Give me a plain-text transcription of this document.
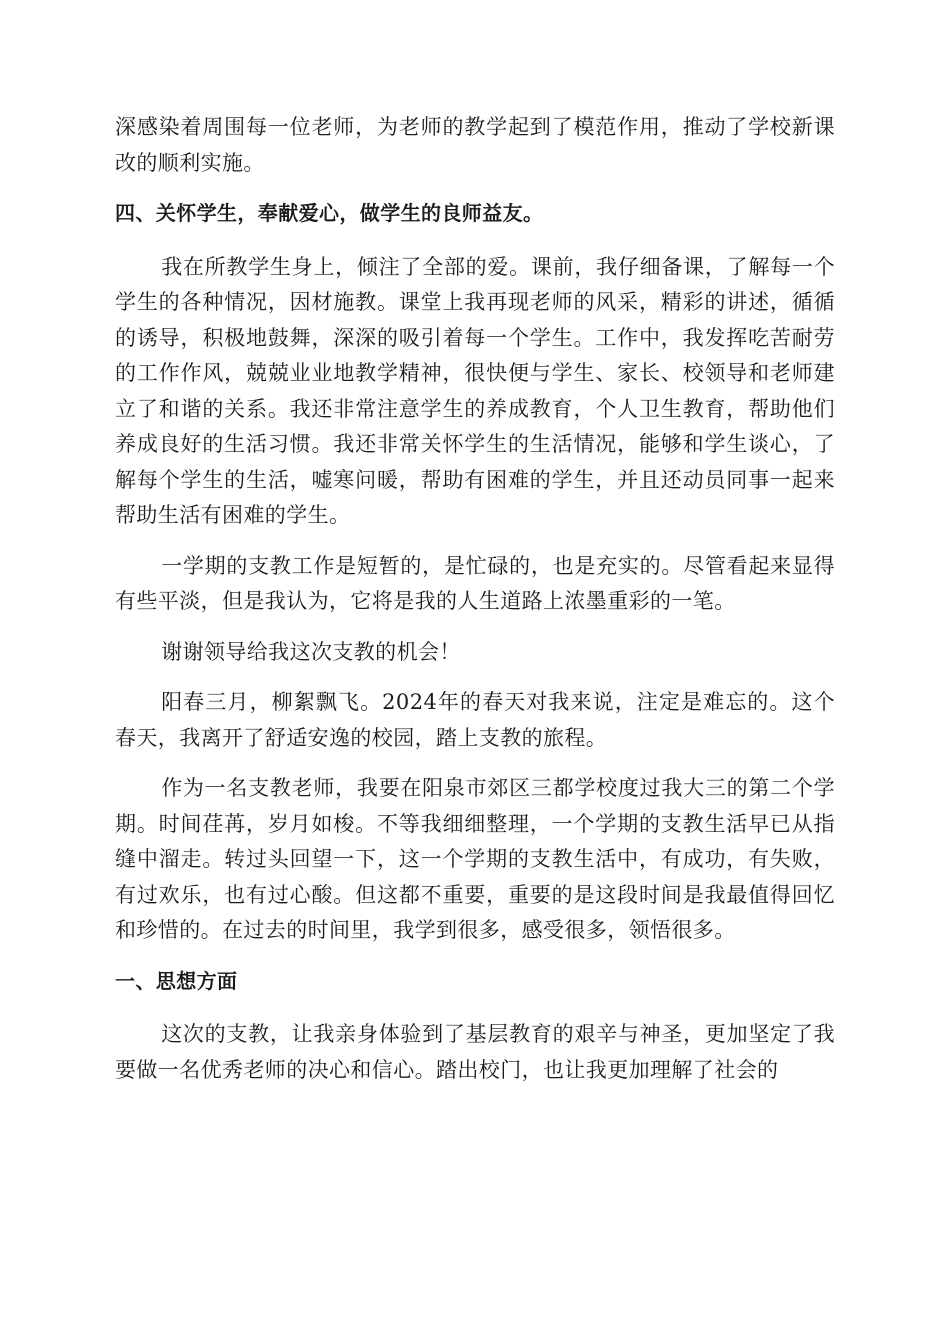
深感染着周围每一位老师，为老师的教学起到了模范作用，推动了学校新课改的顺利实施。

四、关怀学生，奉献爱心，做学生的良师益友。

我在所教学生身上，倾注了全部的爱。课前，我仔细备课，了解每一个学生的各种情况，因材施教。课堂上我再现老师的风采，精彩的讲述，循循的诱导，积极地鼓舞，深深的吸引着每一个学生。工作中，我发挥吃苦耐劳的工作作风，兢兢业业地教学精神，很快便与学生、家长、校领导和老师建立了和谐的关系。我还非常注意学生的养成教育，个人卫生教育，帮助他们养成良好的生活习惯。我还非常关怀学生的生活情况，能够和学生谈心，了解每个学生的生活，嘘寒问暖，帮助有困难的学生，并且还动员同事一起来帮助生活有困难的学生。

一学期的支教工作是短暂的，是忙碌的，也是充实的。尽管看起来显得有些平淡，但是我认为，它将是我的人生道路上浓墨重彩的一笔。

谢谢领导给我这次支教的机会！

阳春三月，柳絮飘飞。2024年的春天对我来说，注定是难忘的。这个春天，我离开了舒适安逸的校园，踏上支教的旅程。

作为一名支教老师，我要在阳泉市郊区三都学校度过我大三的第二个学期。时间荏苒，岁月如梭。不等我细细整理，一个学期的支教生活早已从指缝中溜走。转过头回望一下，这一个学期的支教生活中，有成功，有失败，有过欢乐，也有过心酸。但这都不重要，重要的是这段时间是我最值得回忆和珍惜的。在过去的时间里，我学到很多，感受很多，领悟很多。

一、思想方面

这次的支教，让我亲身体验到了基层教育的艰辛与神圣，更加坚定了我要做一名优秀老师的决心和信心。踏出校门，也让我更加理解了社会的
